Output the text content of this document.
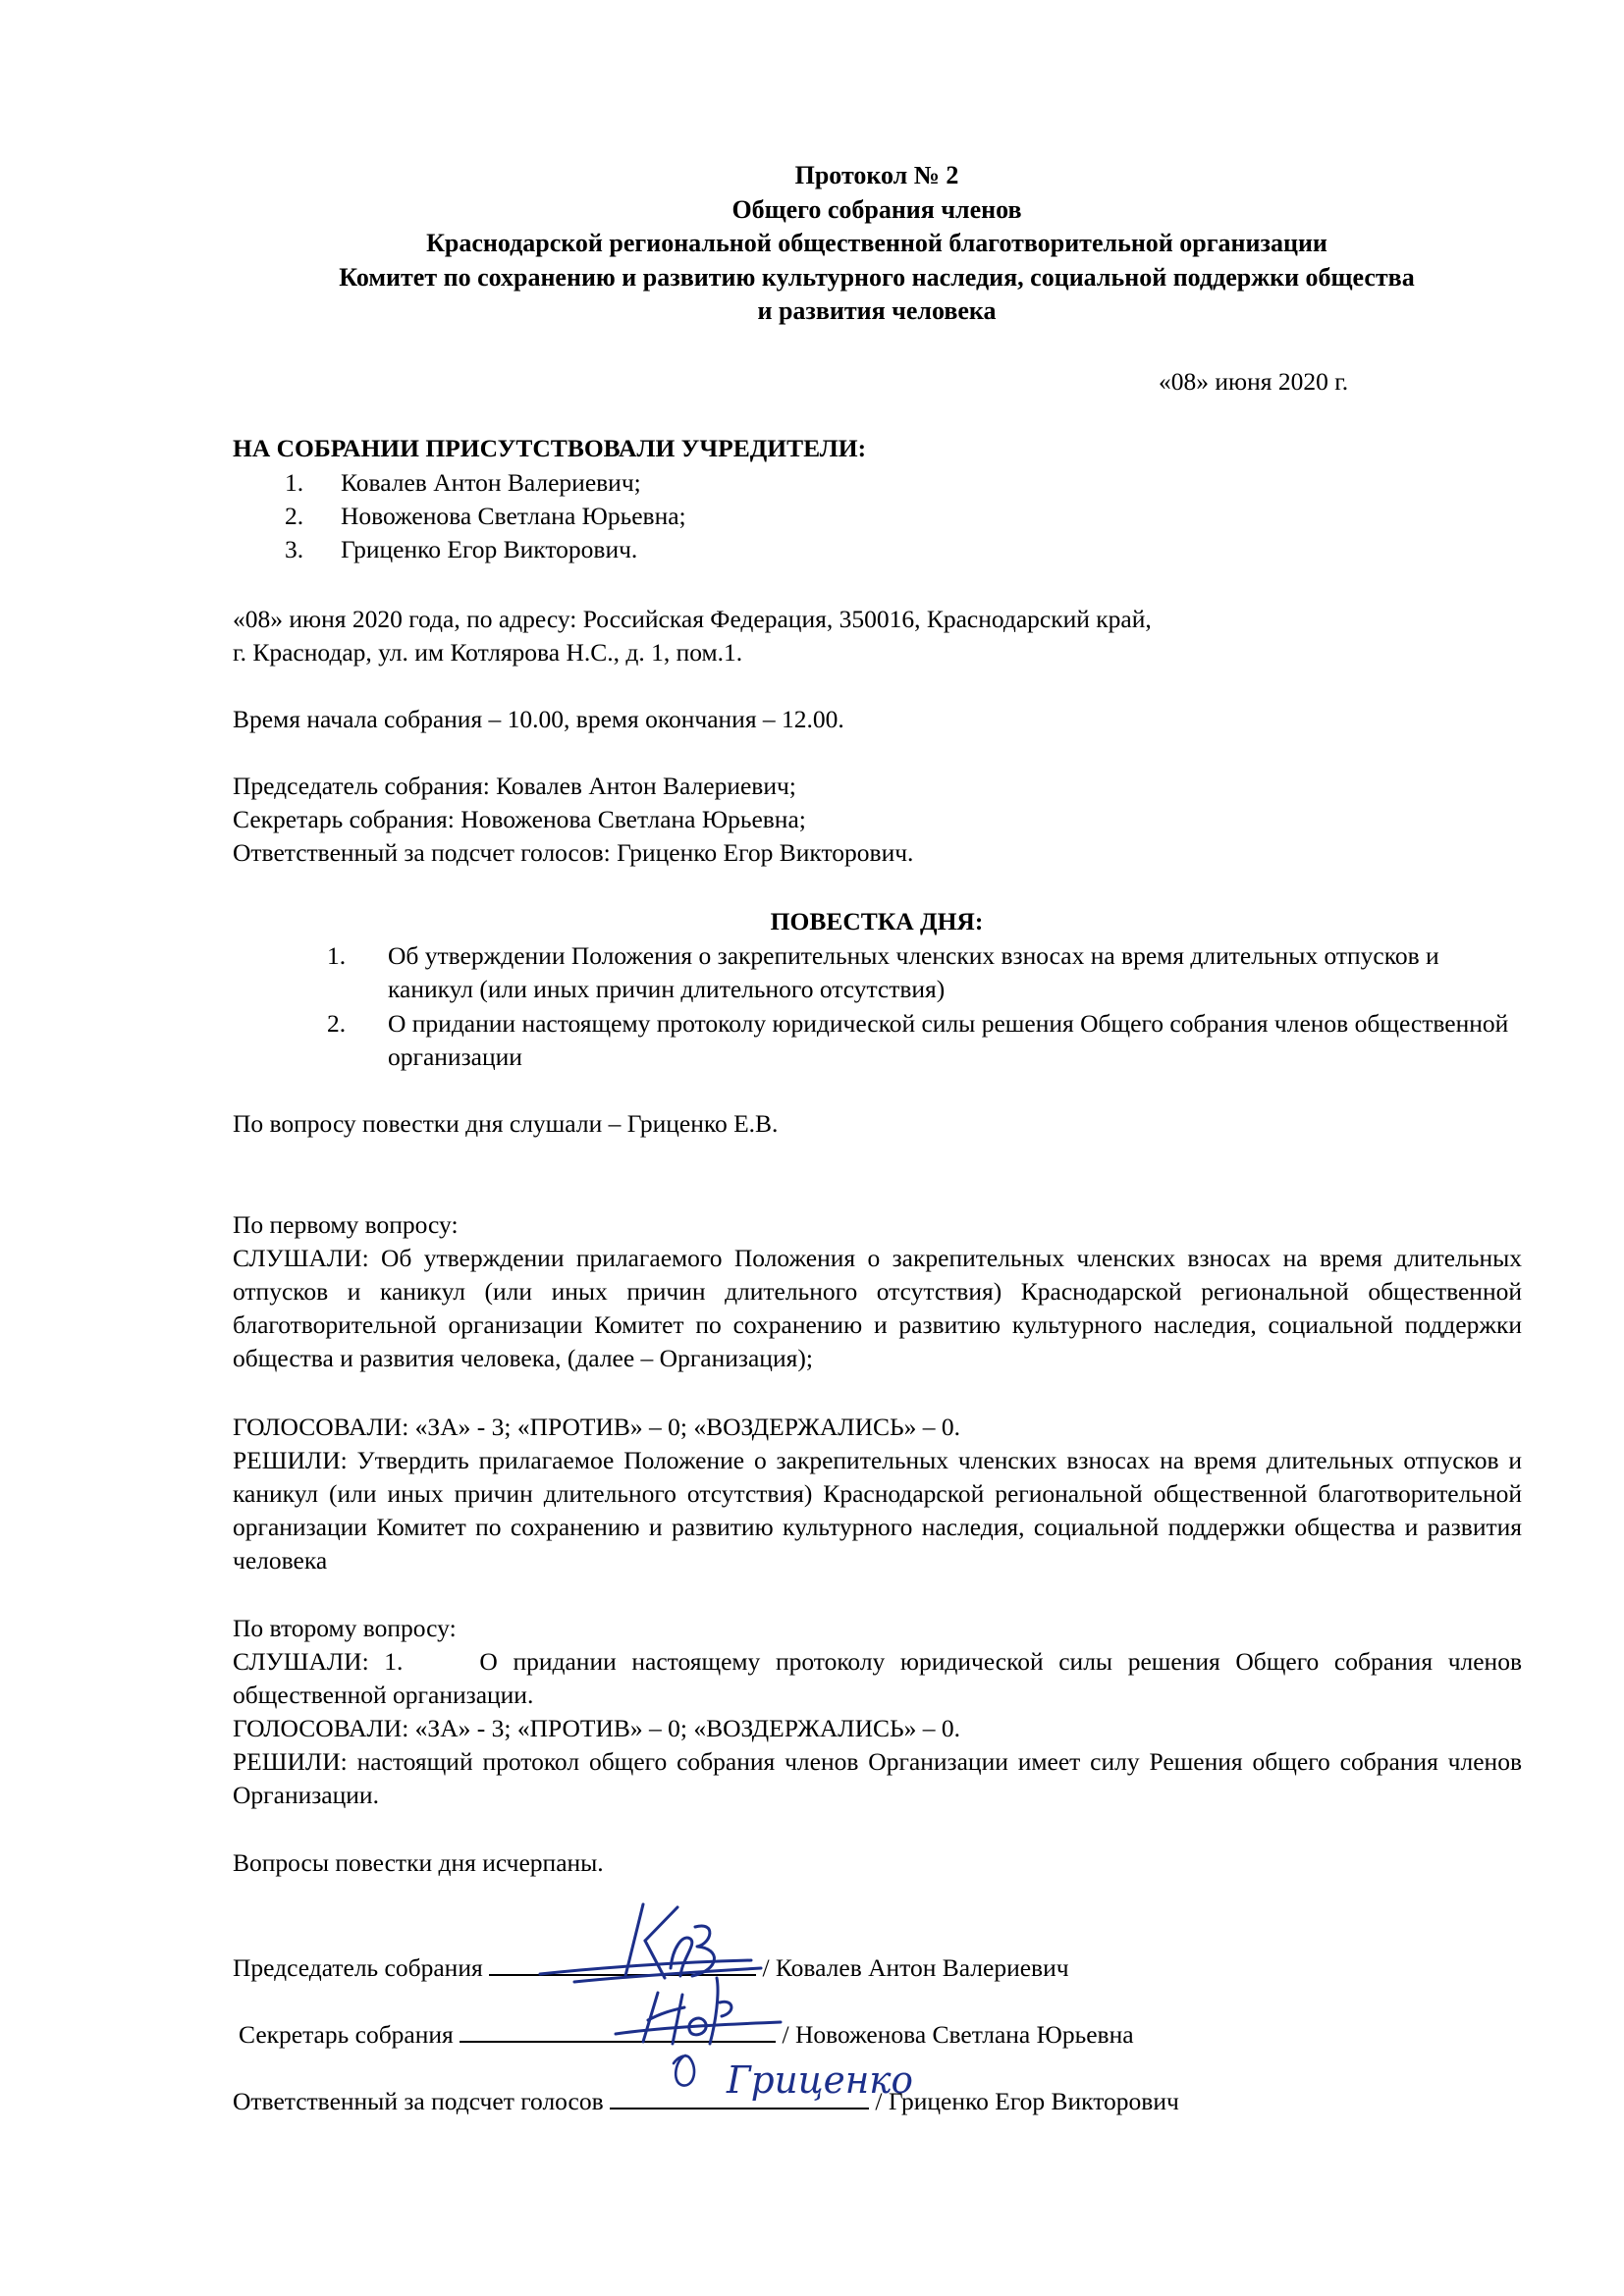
Протокол № 2
Общего собрания членов
Краснодарской региональной общественной благотворительной организации
Комитет по сохранению и развитию культурного наследия, социальной поддержки общества
и развития человека
«08» июня 2020 г.
НА СОБРАНИИ ПРИСУТСТВОВАЛИ УЧРЕДИТЕЛИ:
1. Ковалев Антон Валериевич;
2. Новоженова Светлана Юрьевна;
3. Гриценко Егор Викторович.
«08» июня 2020 года, по адресу: Российская Федерация, 350016, Краснодарский край,
г. Краснодар, ул. им Котлярова Н.С., д. 1, пом.1.
Время начала собрания – 10.00, время окончания – 12.00.
Председатель собрания: Ковалев Антон Валериевич;
Секретарь собрания: Новоженова Светлана Юрьевна;
Ответственный за подсчет голосов: Гриценко Егор Викторович.
ПОВЕСТКА ДНЯ:
1. Об утверждении Положения о закрепительных членских взносах на время длительных отпусков и каникул (или иных причин длительного отсутствия)
2. О придании настоящему протоколу юридической силы решения Общего собрания членов общественной организации
По вопросу повестки дня слушали – Гриценко Е.В.
По первому вопросу:
СЛУШАЛИ: Об утверждении прилагаемого Положения о закрепительных членских взносах на время длительных отпусков и каникул (или иных причин длительного отсутствия) Краснодарской региональной общественной благотворительной организации Комитет по сохранению и развитию культурного наследия, социальной поддержки общества и развития человека, (далее – Организация);
ГОЛОСОВАЛИ: «ЗА» - 3; «ПРОТИВ» – 0; «ВОЗДЕРЖАЛИСЬ» – 0.
РЕШИЛИ: Утвердить прилагаемое Положение о закрепительных членских взносах на время длительных отпусков и каникул (или иных причин длительного отсутствия) Краснодарской региональной общественной благотворительной организации Комитет по сохранению и развитию культурного наследия, социальной поддержки общества и развития человека
По второму вопросу:
СЛУШАЛИ: 1.	О придании настоящему протоколу юридической силы решения Общего собрания членов общественной организации.
ГОЛОСОВАЛИ: «ЗА» - 3; «ПРОТИВ» – 0; «ВОЗДЕРЖАЛИСЬ» – 0.
РЕШИЛИ: настоящий протокол общего собрания членов Организации имеет силу Решения общего собрания членов Организации.
Вопросы повестки дня исчерпаны.
Председатель собрания	/ Ковалев Антон Валериевич
Секретарь собрания	/ Новоженова Светлана Юрьевна
Ответственный за подсчет голосов	/ Гриценко Егор Викторович
Гриценко
